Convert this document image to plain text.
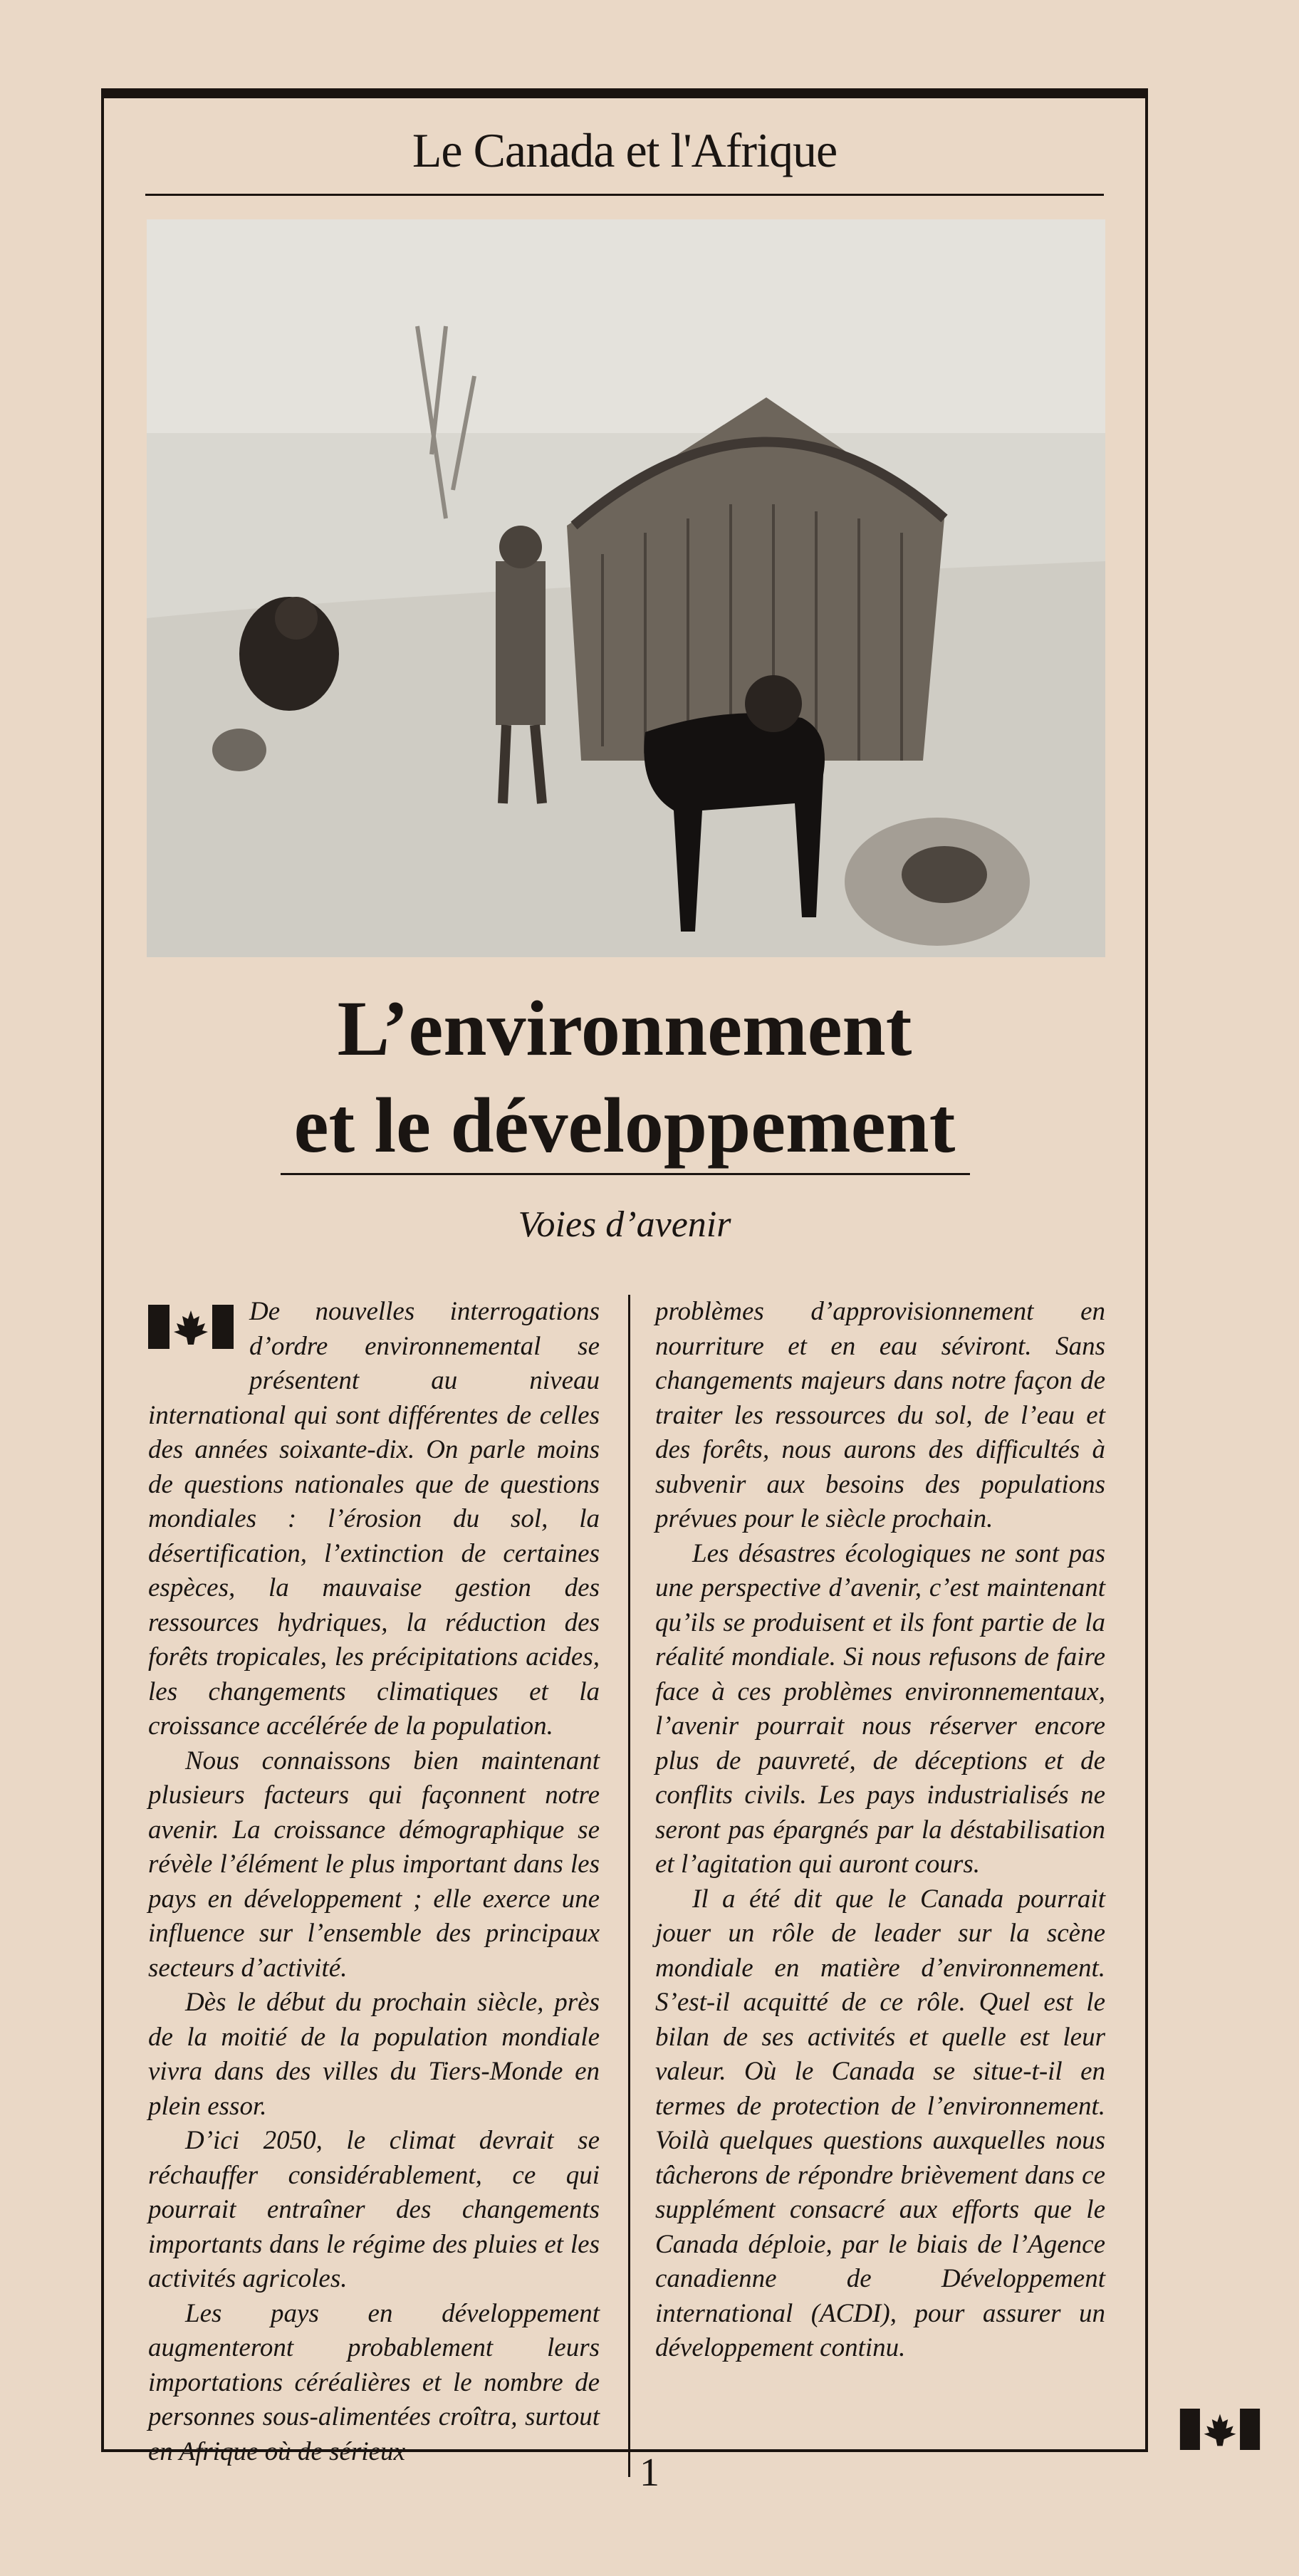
Le Canada et l'Afrique
L’environnement
et le développement
Voies d’avenir

De nouvelles interrogations d’ordre environnemental se présentent au niveau international qui sont différentes de celles des années soixante-dix. On parle moins de questions nationales que de questions mondiales : l’érosion du sol, la désertification, l’extinction de certaines espèces, la mauvaise gestion des ressources hydriques, la réduction des forêts tropicales, les précipitations acides, les changements climatiques et la croissance accélérée de la population.

Nous connaissons bien maintenant plusieurs facteurs qui façonnent notre avenir. La croissance démographique se révèle l’élément le plus important dans les pays en développement ; elle exerce une influence sur l’ensemble des principaux secteurs d’activité.

Dès le début du prochain siècle, près de la moitié de la population mondiale vivra dans des villes du Tiers-Monde en plein essor.

D’ici 2050, le climat devrait se réchauffer considérablement, ce qui pourrait entraîner des changements importants dans le régime des pluies et les activités agricoles.

Les pays en développement augmenteront probablement leurs importations céréalières et le nombre de personnes sous-alimentées croîtra, surtout en Afrique où de sérieux

problèmes d’approvisionnement en nourriture et en eau séviront. Sans changements majeurs dans notre façon de traiter les ressources du sol, de l’eau et des forêts, nous aurons des difficultés à subvenir aux besoins des populations prévues pour le siècle prochain.

Les désastres écologiques ne sont pas une perspective d’avenir, c’est maintenant qu’ils se produisent et ils font partie de la réalité mondiale. Si nous refusons de faire face à ces problèmes environnementaux, l’avenir pourrait nous réserver encore plus de pauvreté, de déceptions et de conflits civils. Les pays industrialisés ne seront pas épargnés par la déstabilisation et l’agitation qui auront cours.

Il a été dit que le Canada pourrait jouer un rôle de leader sur la scène mondiale en matière d’environnement. S’est-il acquitté de ce rôle. Quel est le bilan de ses activités et quelle est leur valeur. Où le Canada se situe-t-il en termes de protection de l’environnement. Voilà quelques questions auxquelles nous tâcherons de répondre brièvement dans ce supplément consacré aux efforts que le Canada déploie, par le biais de l’Agence canadienne de Développement international (ACDI), pour assurer un développement continu.

1
